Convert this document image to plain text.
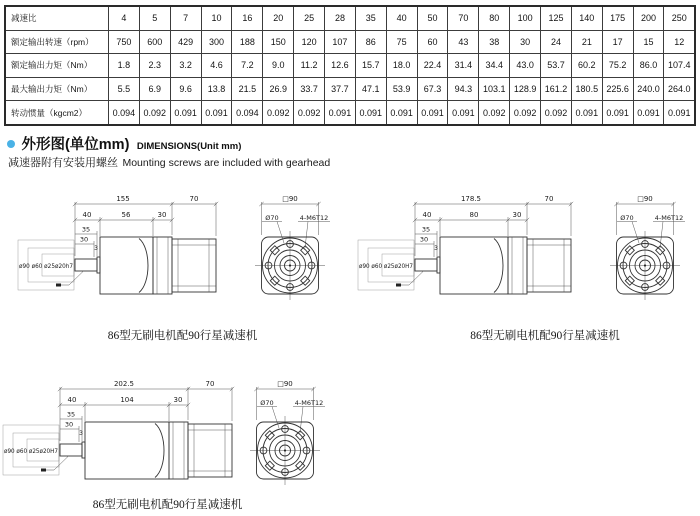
减速比	4	5	7	10	16	20	25	28	35	40	50	70	80	100	125	140	175	200	250
额定输出转速（rpm）	750	600	429	300	188	150	120	107	86	75	60	43	38	30	24	21	17	15	12
额定输出力矩（Nm）	1.8	2.3	3.2	4.6	7.2	9.0	11.2	12.6	15.7	18.0	22.4	31.4	34.4	43.0	53.7	60.2	75.2	86.0	107.4
最大输出力矩（Nm）	5.5	6.9	9.6	13.8	21.5	26.9	33.7	37.7	47.1	53.9	67.3	94.3	103.1	128.9	161.2	180.5	225.6	240.0	264.0
转动惯量（kgcm2）	0.094	0.092	0.091	0.091	0.094	0.092	0.092	0.091	0.091	0.091	0.091	0.091	0.092	0.092	0.092	0.091	0.091	0.091	0.091
外形图(单位mm) DIMENSIONS(Unit mm)
减速器附有安装用螺丝 Mounting screws are included with gearhead
155	70
40	56	30
35
30
3
ø90 ø60 ø25ø20h7
□90
Ø70	4-M6T12
86型无刷电机配90行星减速机
178.5	70
40	80	30
35
30
3
ø90 ø60 ø25ø20H7
□90
Ø70	4-M6T12
86型无刷电机配90行星减速机
202.5	70
40	104	30
35
30
3
ø90 ø60 ø25ø20H7
□90
Ø70	4-M6T12
86型无刷电机配90行星减速机
